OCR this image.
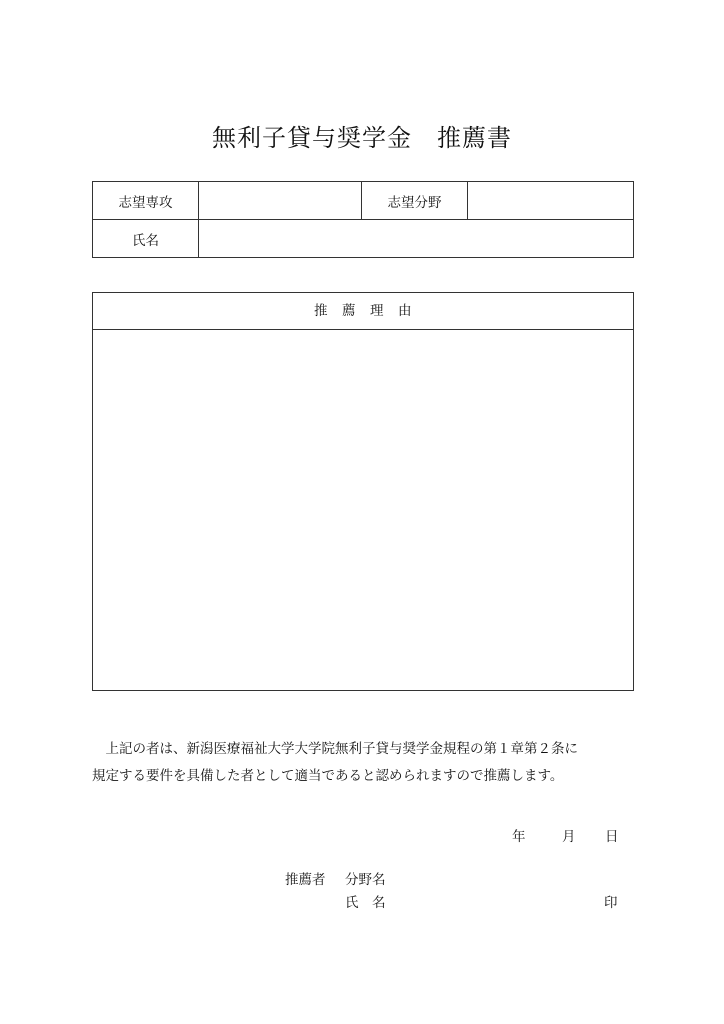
無利子貸与奨学金　推薦書
志望専攻		志望分野	
氏名			
推　薦　理　由

　上記の者は、新潟医療福祉大学大学院無利子貸与奨学金規程の第１章第２条に

規定する要件を具備した者として適当であると認められますので推薦します。

年	月 日
推薦者 分野名
氏　名	印
